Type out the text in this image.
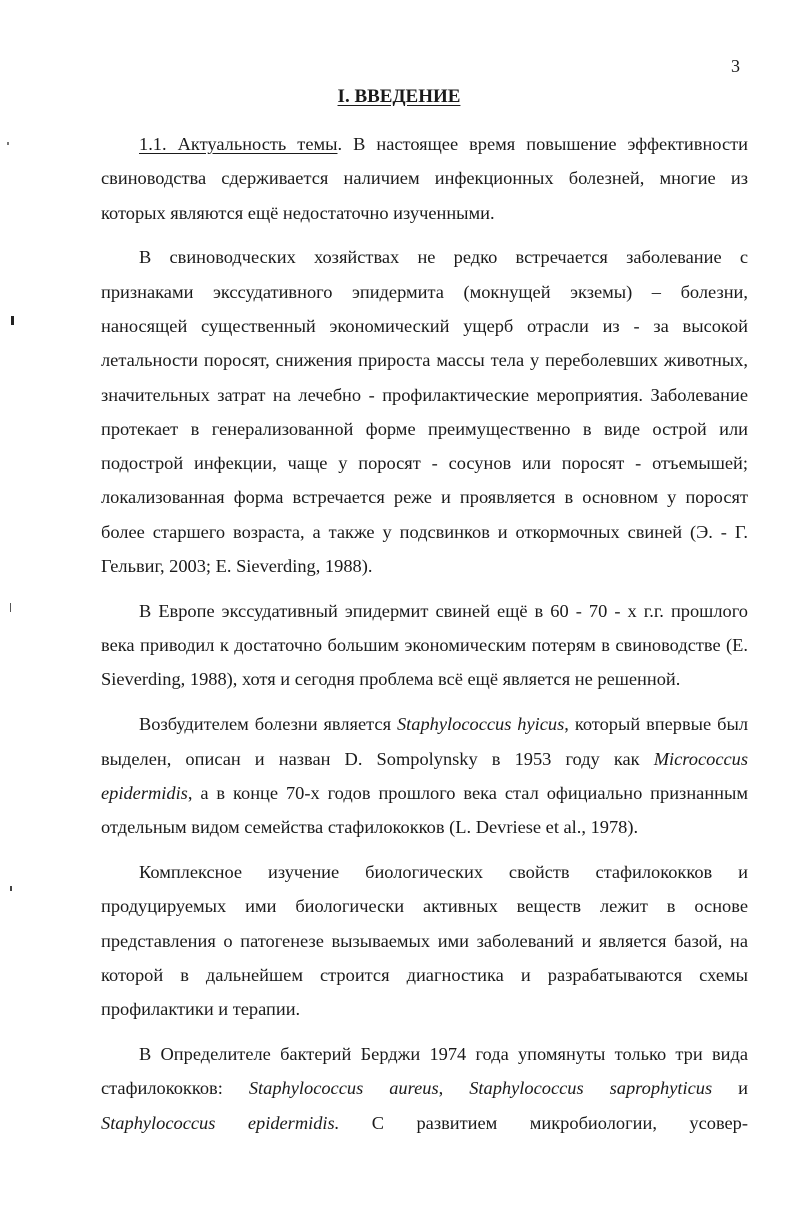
3
I. ВВЕДЕНИЕ

1.1. Актуальность темы. В настоящее время повышение эффективности свиноводства сдерживается наличием инфекционных болезней, многие из которых являются ещё недостаточно изученными.

В свиноводческих хозяйствах не редко встречается заболевание с признаками экссудативного эпидермита (мокнущей экземы) – болезни, наносящей существенный экономический ущерб отрасли из - за высокой летальности поросят, снижения прироста массы тела у переболевших животных, значительных затрат на лечебно - профилактические мероприятия. Заболевание протекает в генерализованной форме преимущественно в виде острой или подострой инфекции, чаще у поросят - сосунов или поросят - отъемышей; локализованная форма встречается реже и проявляется в основном у поросят более старшего возраста, а также у подсвинков и откормочных свиней (Э. - Г. Гельвиг, 2003; E. Sieverding, 1988).

В Европе экссудативный эпидермит свиней ещё в 60 - 70 - х г.г. прошлого века приводил к достаточно большим экономическим потерям в свиноводстве (E. Sieverding, 1988), хотя и сегодня проблема всё ещё является не решенной.

Возбудителем болезни является Staphylococcus hyicus, который впервые был выделен, описан и назван D. Sompolynsky в 1953 году как Micrococcus epidermidis, а в конце 70-х годов прошлого века стал официально признанным отдельным видом семейства стафилококков (L. Devriese et al., 1978).

Комплексное изучение биологических свойств стафилококков и продуцируемых ими биологически активных веществ лежит в основе представления о патогенезе вызываемых ими заболеваний и является базой, на которой в дальнейшем строится диагностика и разрабатываются схемы профилактики и терапии.

В Определителе бактерий Берджи 1974 года упомянуты только три вида стафилококков: Staphylococcus aureus, Staphylococcus saprophyticus и Staphylococcus epidermidis. С развитием микробиологии, усовер-
